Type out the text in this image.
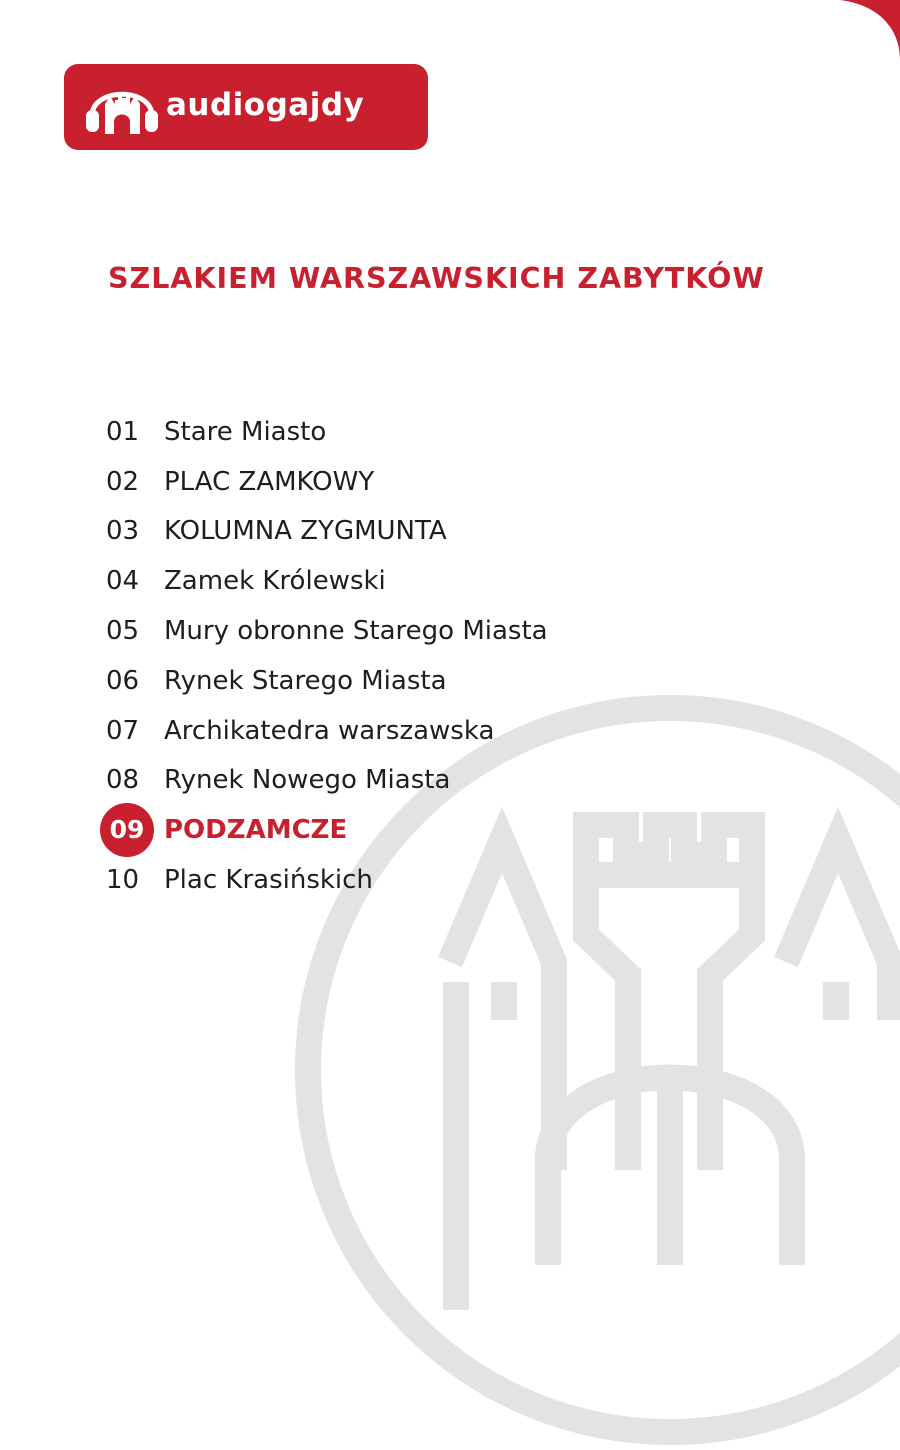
audiogajdy
SZLAKIEM WARSZAWSKICH ZABYTKÓW
01 Stare Miasto
02 PLAC ZAMKOWY
03 KOLUMNA ZYGMUNTA
04 Zamek Królewski
05 Mury obronne Starego Miasta
06 Rynek Starego Miasta
07 Archikatedra warszawska
08 Rynek Nowego Miasta
09 PODZAMCZE
10 Plac Krasińskich
